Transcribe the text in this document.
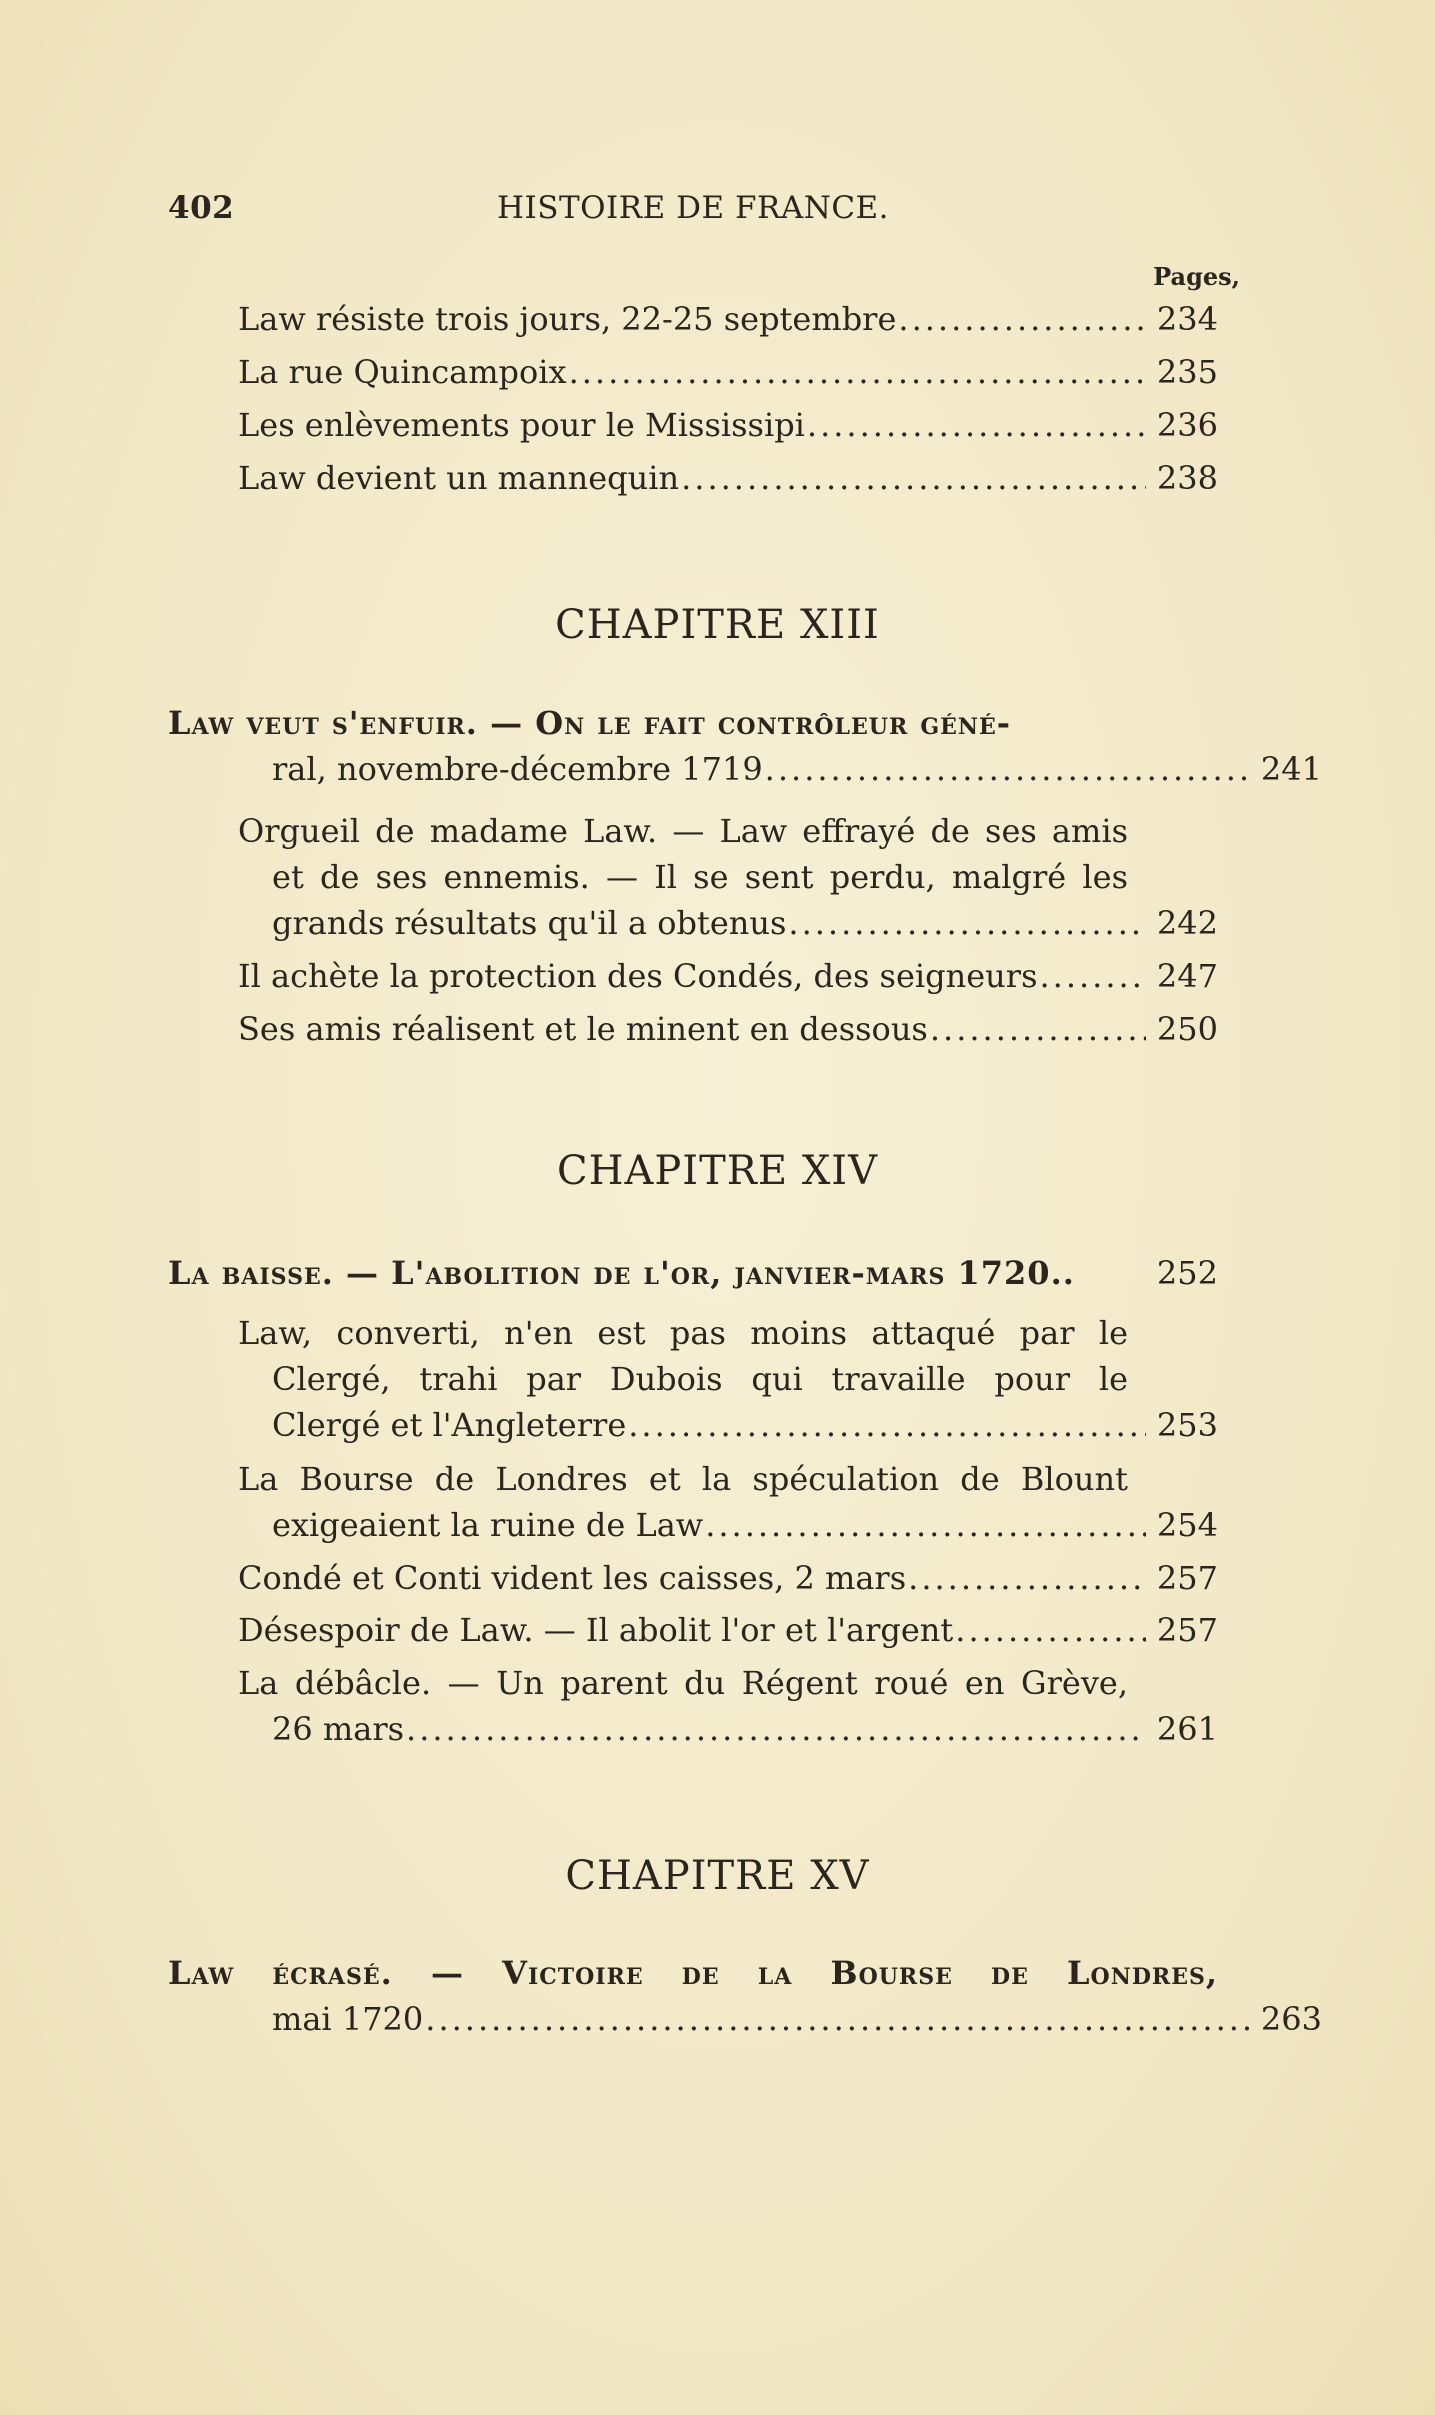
402	HISTOIRE DE FRANCE.
Pages,
Law résiste trois jours, 22-25 septembre .....	234
La rue Quincampoix .....	235
Les enlèvements pour le Mississipi .....	236
Law devient un mannequin .....	238
CHAPITRE XIII
Law veut s'enfuir. — On le fait contrôleur géné-
ral, novembre-décembre 1719 .....	241
Orgueil de madame Law. — Law effrayé de ses amis
et de ses ennemis. — Il se sent perdu, malgré les
grands résultats qu'il a obtenus .....	242
Il achète la protection des Condés, des seigneurs .....	247
Ses amis réalisent et le minent en dessous .....	250
CHAPITRE XIV
La baisse. — L'abolition de l'or, janvier-mars 1720..	252
Law, converti, n'en est pas moins attaqué par le
Clergé, trahi par Dubois qui travaille pour le
Clergé et l'Angleterre .....	253
La Bourse de Londres et la spéculation de Blount
exigeaient la ruine de Law .....	254
Condé et Conti vident les caisses, 2 mars .....	257
Désespoir de Law. — Il abolit l'or et l'argent .....	257
La débâcle. — Un parent du Régent roué en Grève,
26 mars .....	261
CHAPITRE XV
Law écrasé. — Victoire de la Bourse de Londres,
mai 1720 .....	263
